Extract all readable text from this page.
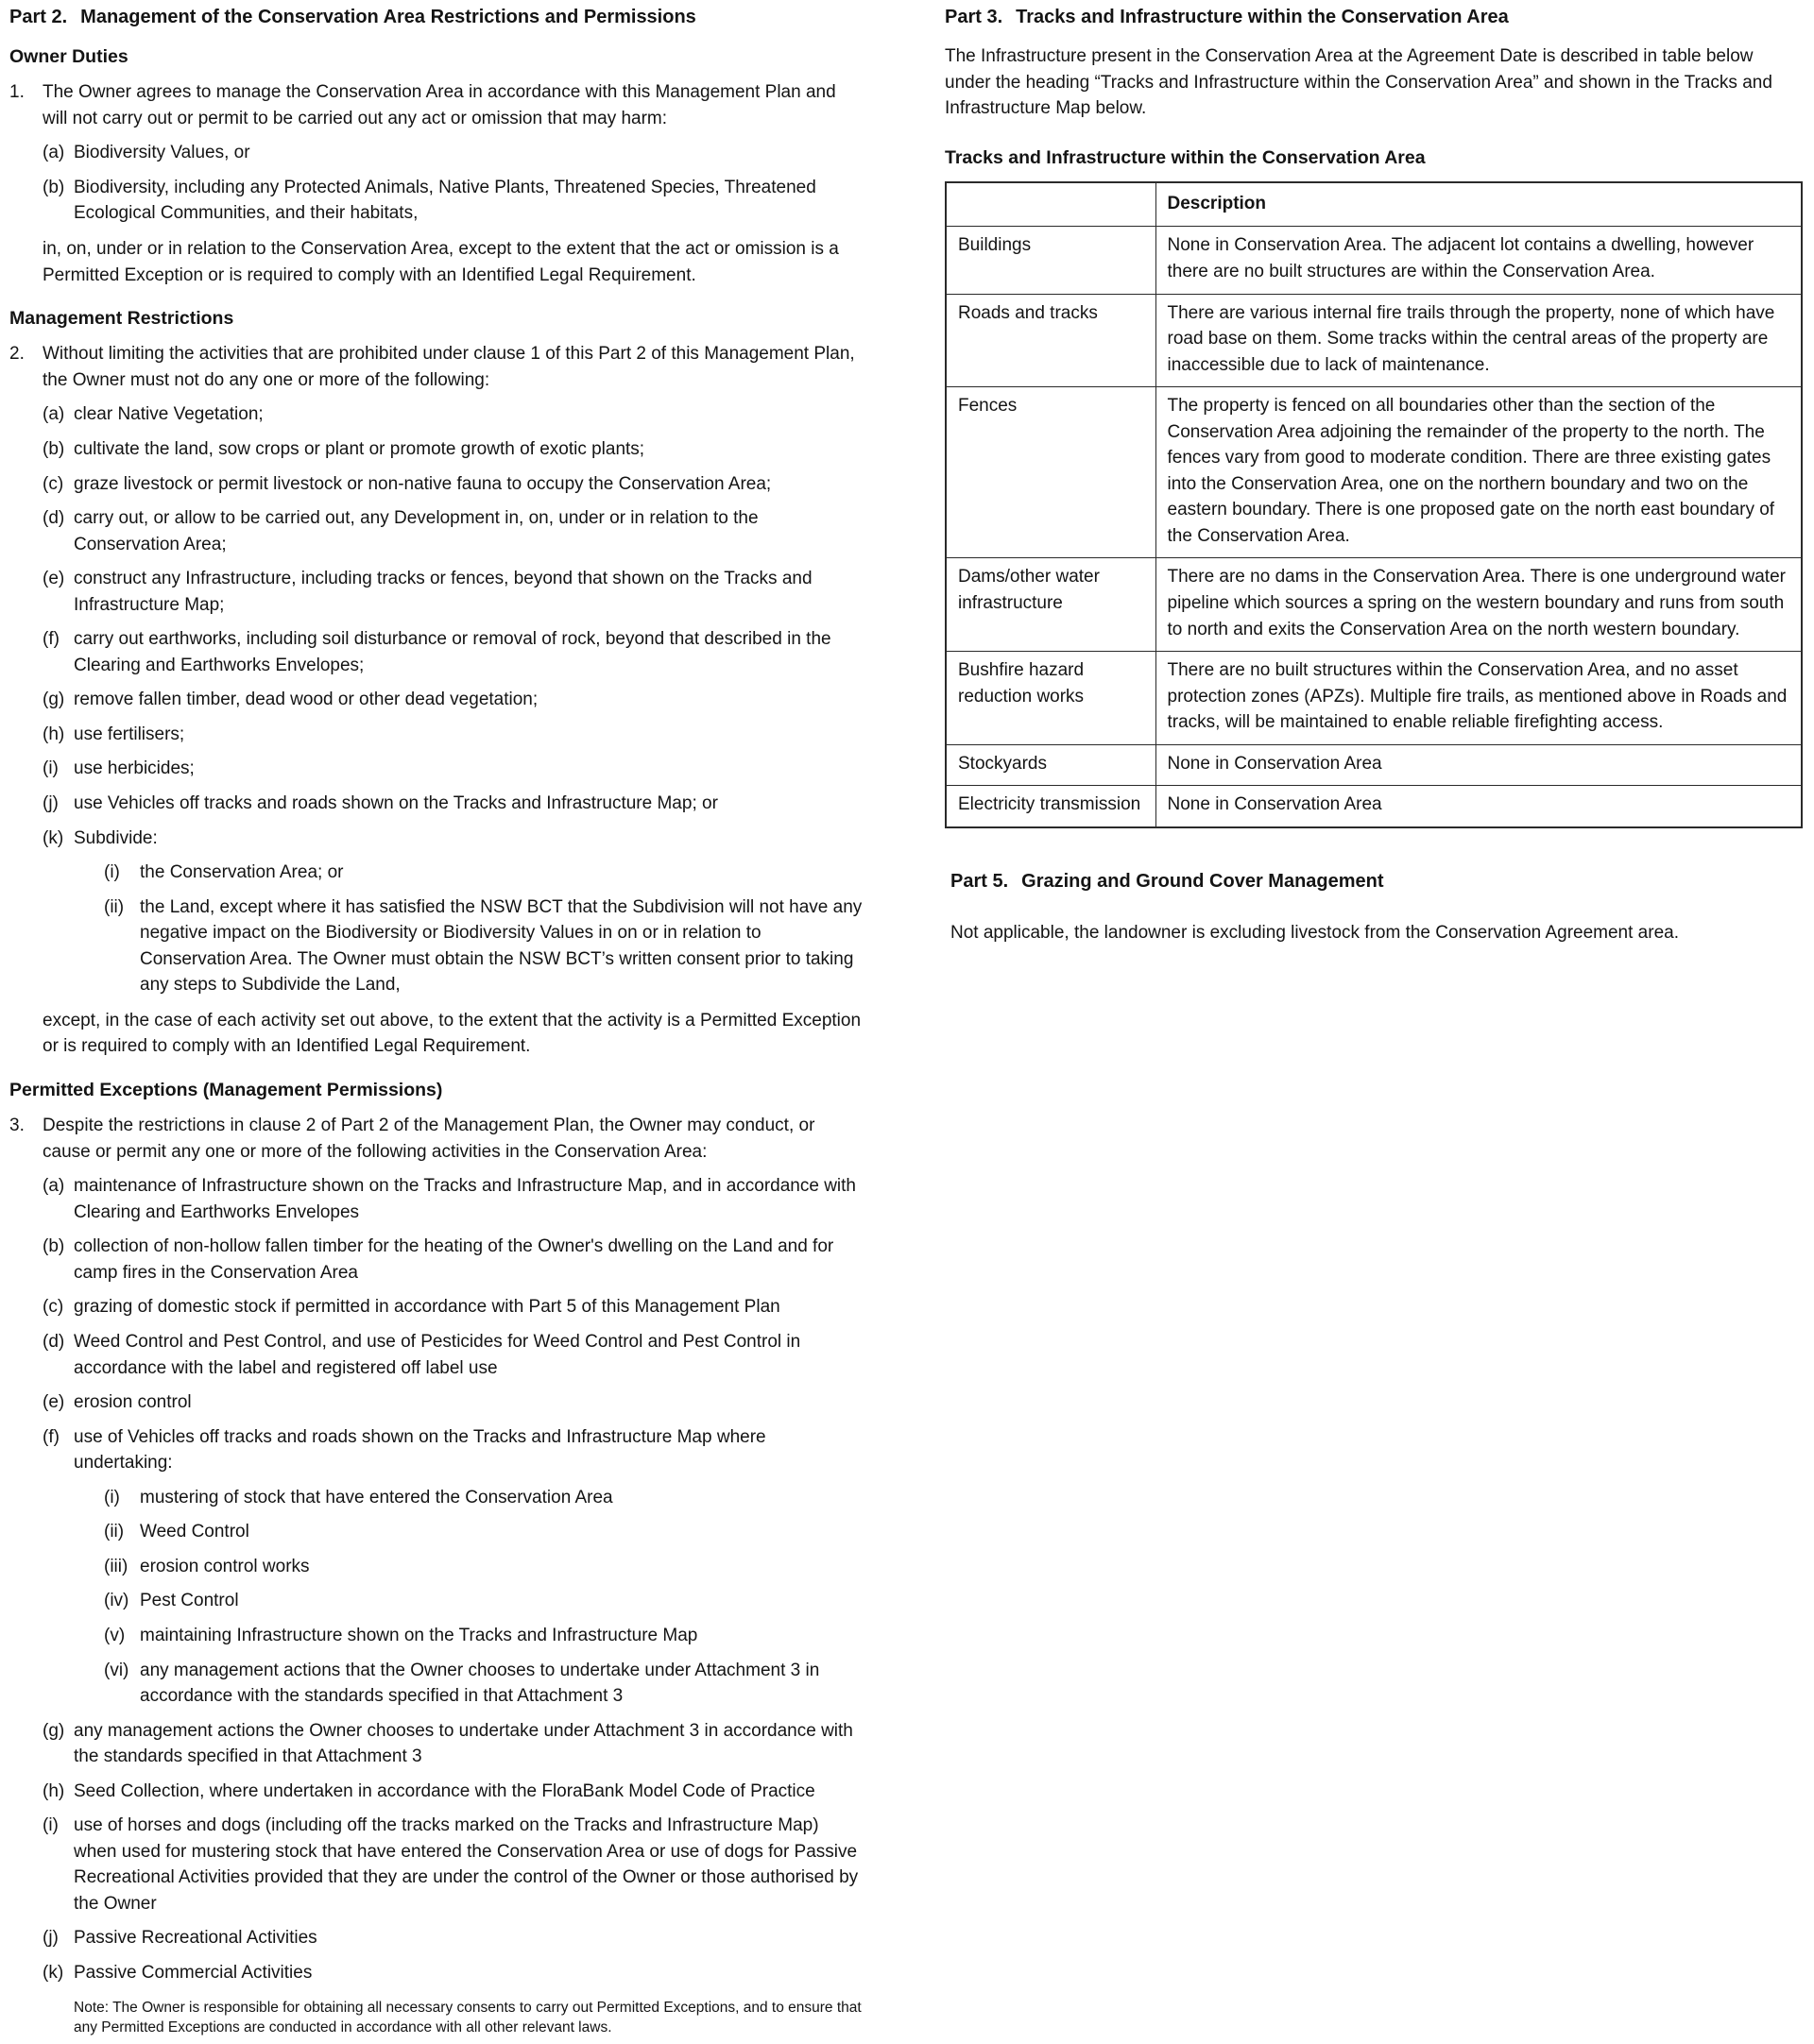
Part 2. Management of the Conservation Area Restrictions and Permissions
Owner Duties
1.	The Owner agrees to manage the Conservation Area in accordance with this Management Plan and will not carry out or permit to be carried out any act or omission that may harm:
(a) Biodiversity Values, or
(b) Biodiversity, including any Protected Animals, Native Plants, Threatened Species, Threatened Ecological Communities, and their habitats,
in, on, under or in relation to the Conservation Area, except to the extent that the act or omission is a Permitted Exception or is required to comply with an Identified Legal Requirement.
Management Restrictions
2.	Without limiting the activities that are prohibited under clause 1 of this Part 2 of this Management Plan, the Owner must not do any one or more of the following:
(a) clear Native Vegetation;
(b) cultivate the land, sow crops or plant or promote growth of exotic plants;
(c) graze livestock or permit livestock or non-native fauna to occupy the Conservation Area;
(d) carry out, or allow to be carried out, any Development in, on, under or in relation to the Conservation Area;
(e) construct any Infrastructure, including tracks or fences, beyond that shown on the Tracks and Infrastructure Map;
(f) carry out earthworks, including soil disturbance or removal of rock, beyond that described in the Clearing and Earthworks Envelopes;
(g) remove fallen timber, dead wood or other dead vegetation;
(h) use fertilisers;
(i) use herbicides;
(j) use Vehicles off tracks and roads shown on the Tracks and Infrastructure Map; or
(k) Subdivide:
(i)	the Conservation Area; or
(ii) the Land, except where it has satisfied the NSW BCT that the Subdivision will not have any negative impact on the Biodiversity or Biodiversity Values in on or in relation to Conservation Area. The Owner must obtain the NSW BCT’s written consent prior to taking any steps to Subdivide the Land,
except, in the case of each activity set out above, to the extent that the activity is a Permitted Exception or is required to comply with an Identified Legal Requirement.
Permitted Exceptions (Management Permissions)
3.	Despite the restrictions in clause 2 of Part 2 of the Management Plan, the Owner may conduct, or cause or permit any one or more of the following activities in the Conservation Area:
(a) maintenance of Infrastructure shown on the Tracks and Infrastructure Map, and in accordance with Clearing and Earthworks Envelopes
(b) collection of non-hollow fallen timber for the heating of the Owner's dwelling on the Land and for camp fires in the Conservation Area
(c) grazing of domestic stock if permitted in accordance with Part 5 of this Management Plan
(d) Weed Control and Pest Control, and use of Pesticides for Weed Control and Pest Control in accordance with the label and registered off label use
(e) erosion control
(f) use of Vehicles off tracks and roads shown on the Tracks and Infrastructure Map where undertaking:
(i)	mustering of stock that have entered the Conservation Area
(ii) Weed Control
(iii) erosion control works
(iv) Pest Control
(v) maintaining Infrastructure shown on the Tracks and Infrastructure Map
(vi) any management actions that the Owner chooses to undertake under Attachment 3 in accordance with the standards specified in that Attachment 3
(g) any management actions the Owner chooses to undertake under Attachment 3 in accordance with the standards specified in that Attachment 3
(h) Seed Collection, where undertaken in accordance with the FloraBank Model Code of Practice
(i) use of horses and dogs (including off the tracks marked on the Tracks and Infrastructure Map) when used for mustering stock that have entered the Conservation Area or use of dogs for Passive Recreational Activities provided that they are under the control of the Owner or those authorised by the Owner
(j) Passive Recreational Activities
(k) Passive Commercial Activities
Note: The Owner is responsible for obtaining all necessary consents to carry out Permitted Exceptions, and to ensure that any Permitted Exceptions are conducted in accordance with all other relevant laws.
Part 3. Tracks and Infrastructure within the Conservation Area
The Infrastructure present in the Conservation Area at the Agreement Date is described in table below under the heading “Tracks and Infrastructure within the Conservation Area” and shown in the Tracks and Infrastructure Map below.
Tracks and Infrastructure within the Conservation Area
	Description
Buildings	None in Conservation Area. The adjacent lot contains a dwelling, however there are no built structures are within the Conservation Area.
Roads and tracks	There are various internal fire trails through the property, none of which have road base on them. Some tracks within the central areas of the property are inaccessible due to lack of maintenance.
Fences	The property is fenced on all boundaries other than the section of the Conservation Area adjoining the remainder of the property to the north. The fences vary from good to moderate condition. There are three existing gates into the Conservation Area, one on the northern boundary and two on the eastern boundary. There is one proposed gate on the north east boundary of the Conservation Area.
Dams/other water infrastructure	There are no dams in the Conservation Area. There is one underground water pipeline which sources a spring on the western boundary and runs from south to north and exits the Conservation Area on the north western boundary.
Bushfire hazard reduction works	There are no built structures within the Conservation Area, and no asset protection zones (APZs). Multiple fire trails, as mentioned above in Roads and tracks, will be maintained to enable reliable firefighting access.
Stockyards	None in Conservation Area
Electricity transmission	None in Conservation Area
Part 5. Grazing and Ground Cover Management

Not applicable, the landowner is excluding livestock from the Conservation Agreement area.
